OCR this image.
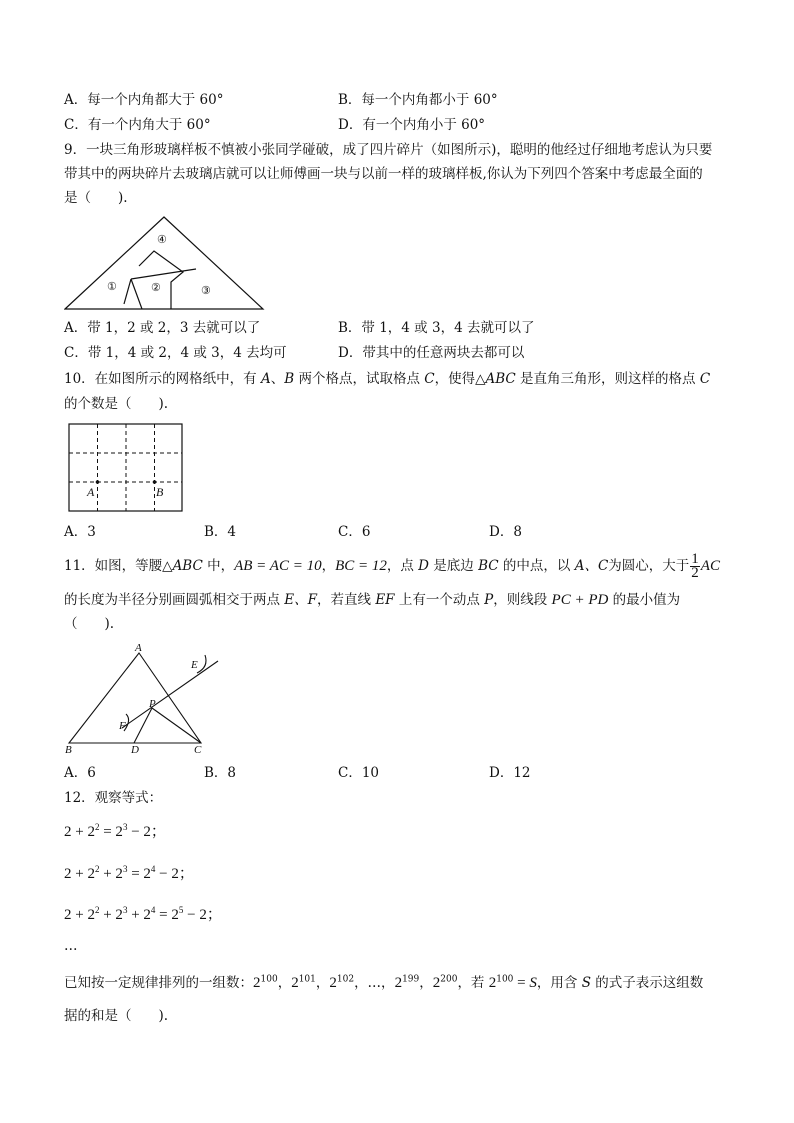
A．每一个内角都大于 60°	B．每一个内角都小于 60°
C．有一个内角大于 60°	D．有一个内角小于 60°
9．一块三角形玻璃样板不慎被小张同学碰破，成了四片碎片（如图所示)，聪明的他经过仔细地考虑认为只要
带其中的两块碎片去玻璃店就可以让师傅画一块与以前一样的玻璃样板,你认为下列四个答案中考虑最全面的
是（　　).
④
①	②	③
A．带 1，2 或 2，3 去就可以了	B．带 1，4 或 3，4 去就可以了
C．带 1，4 或 2，4 或 3，4 去均可	D．带其中的任意两块去都可以
10．在如图所示的网格纸中，有 A、B 两个格点，试取格点 C，使得△ABC 是直角三角形，则这样的格点 C
的个数是（　　).
A	B
A．3	B．4	C．6	D．8
11．如图，等腰△ABC 中，AB = AC = 10，BC = 12，点 D 是底边 BC 的中点，以 A、C为圆心，大于 $\frac{1}{2}$ AC
的长度为半径分别画圆弧相交于两点 E、F，若直线 EF 上有一个动点 P，则线段 PC + PD 的最小值为
（　　).
A
B	D	C
E
F
P
A．6	B．8	C．10	D．12
12．观察等式：
$2 + 2^2 = 2^3 - 2$；
$2 + 2^2 + 2^3 = 2^4 - 2$；
$2 + 2^2 + 2^3 + 2^4 = 2^5 - 2$；
…
已知按一定规律排列的一组数：$2^{100}$，$2^{101}$，$2^{102}$，…，$2^{199}$，$2^{200}$，若 $2^{100} = S$，用含 S 的式子表示这组数
据的和是（　　).
